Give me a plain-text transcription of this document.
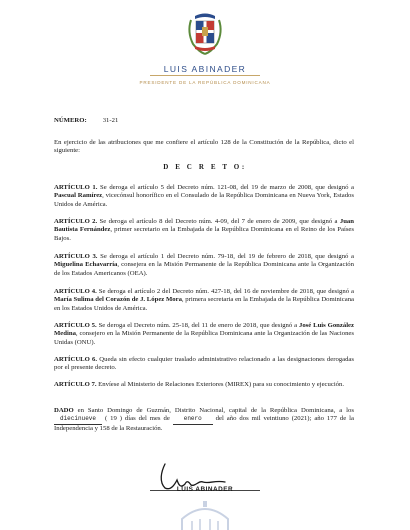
LUIS ABINADER
PRESIDENTE DE LA REPÚBLICA DOMINICANA
NÚMERO: 31-21
En ejercicio de las atribuciones que me confiere el artículo 128 de la Constitución de la República, dicto el siguiente:
D E C R E T O:
ARTÍCULO 1. Se deroga el artículo 5 del Decreto núm. 121-08, del 19 de marzo de 2008, que designó a Pascual Ramírez, vicecónsul honorífico en el Consulado de la República Dominicana en Nueva York, Estados Unidos de América.
ARTÍCULO 2. Se deroga el artículo 8 del Decreto núm. 4-09, del 7 de enero de 2009, que designó a Juan Bautista Fernández, primer secretario en la Embajada de la República Dominicana en el Reino de los Países Bajos.
ARTÍCULO 3. Se deroga el artículo 1 del Decreto núm. 79-18, del 19 de febrero de 2018, que designó a Miguelina Echavarría, consejera en la Misión Permanente de la República Dominicana ante la Organización de los Estados Americanos (OEA).
ARTÍCULO 4. Se deroga el artículo 2 del Decreto núm. 427-18, del 16 de noviembre de 2018, que designó a María Sulima del Corazón de J. López Mora, primera secretaria en la Embajada de la República Dominicana en los Estados Unidos de América.
ARTÍCULO 5. Se deroga el Decreto núm. 25-18, del 11 de enero de 2018, que designó a José Luis González Medina, consejero en la Misión Permanente de la República Dominicana ante la Organización de las Naciones Unidas (ONU).
ARTÍCULO 6. Queda sin efecto cualquier traslado administrativo relacionado a las designaciones derogadas por el presente decreto.
ARTÍCULO 7. Envíese al Ministerio de Relaciones Exteriores (MIREX) para su conocimiento y ejecución.
DADO en Santo Domingo de Guzmán, Distrito Nacional, capital de la República Dominicana, a los diecinueve ( 19 ) días del mes de enero del año dos mil veintiuno (2021); año 177 de la Independencia y 158 de la Restauración.
LUIS ABINADER
